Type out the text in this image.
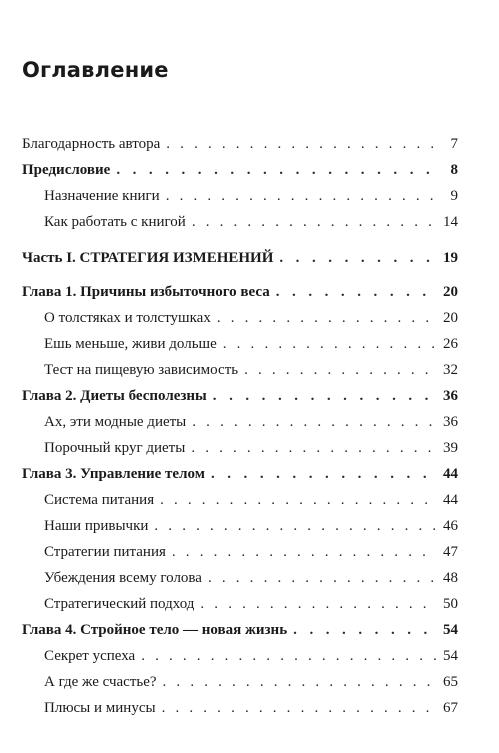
Оглавление
Благодарность автора . . .	7
Предисловие . . .	8
Назначение книги . . .	9
Как работать с книгой . . .	14
Часть I. СТРАТЕГИЯ ИЗМЕНЕНИЙ . . .	19
Глава 1. Причины избыточного веса . . .	20
О толстяках и толстушках . . .	20
Ешь меньше, живи дольше . . .	26
Тест на пищевую зависимость . . .	32
Глава 2. Диеты бесполезны . . .	36
Ах, эти модные диеты . . .	36
Порочный круг диеты . . .	39
Глава 3. Управление телом . . .	44
Система питания . . .	44
Наши привычки . . .	46
Стратегии питания . . .	47
Убеждения всему голова . . .	48
Стратегический подход . . .	50
Глава 4. Стройное тело — новая жизнь . . .	54
Секрет успеха . . .	54
А где же счастье? . . .	65
Плюсы и минусы . . .	67
